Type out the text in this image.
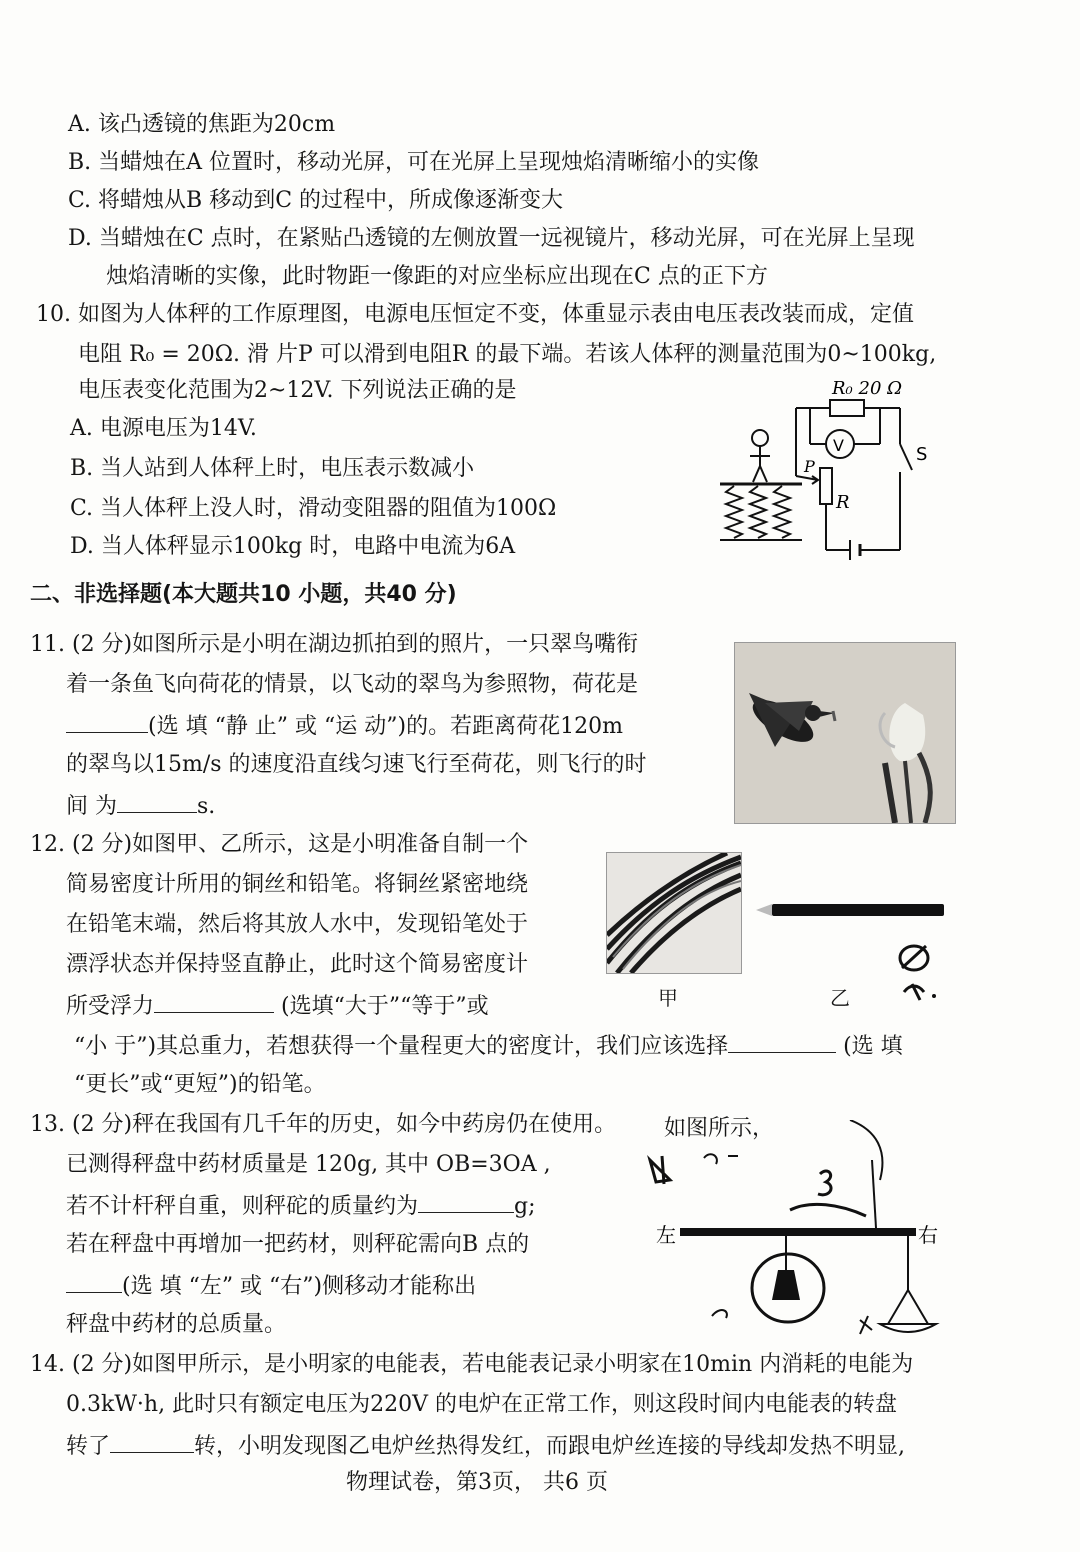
A. 该凸透镜的焦距为20cm
B. 当蜡烛在A 位置时，移动光屏，可在光屏上呈现烛焰清晰缩小的实像
C. 将蜡烛从B 移动到C 的过程中，所成像逐渐变大
D. 当蜡烛在C 点时，在紧贴凸透镜的左侧放置一远视镜片，移动光屏，可在光屏上呈现
烛焰清晰的实像，此时物距一像距的对应坐标应出现在C 点的正下方
10. 如图为人体秤的工作原理图，电源电压恒定不变，体重显示表由电压表改装而成，定值
电阻 R₀ = 20Ω. 滑 片P 可以滑到电阻R 的最下端。若该人体秤的测量范围为0~100kg,
电压表变化范围为2~12V. 下列说法正确的是
A. 电源电压为14V.
B. 当人站到人体秤上时，电压表示数减小
C. 当人体秤上没人时，滑动变阻器的阻值为100Ω
D. 当人体秤显示100kg 时，电路中电流为6A
R₀ 20 Ω
V	S
P
R
二、非选择题(本大题共10 小题，共40 分)
11. (2 分)如图所示是小明在湖边抓拍到的照片，一只翠鸟嘴衔
着一条鱼飞向荷花的情景，以飞动的翠鸟为参照物，荷花是
(选 填 “静 止” 或 “运 动”)的。若距离荷花120m
的翠鸟以15m/s 的速度沿直线匀速飞行至荷花，则飞行的时
间 为	s.
12. (2 分)如图甲、乙所示，这是小明准备自制一个
简易密度计所用的铜丝和铅笔。将铜丝紧密地绕
在铅笔末端，然后将其放人水中，发现铅笔处于
漂浮状态并保持竖直静止，此时这个简易密度计
所受浮力	(选填“大于”“等于”或
“小 于”)其总重力，若想获得一个量程更大的密度计，我们应该选择	(选 填
“更长”或“更短”)的铅笔。
甲	乙
13. (2 分)秤在我国有几千年的历史，如今中药房仍在使用。 如图所示，
已测得秤盘中药材质量是 120g, 其中 OB=3OA ,
若不计杆秤自重，则秤砣的质量约为	g;
若在秤盘中再增加一把药材，则秤砣需向B 点的
(选 填 “左” 或 “右”)侧移动才能称出
秤盘中药材的总质量。
左	右
14. (2 分)如图甲所示，是小明家的电能表，若电能表记录小明家在10min 内消耗的电能为
0.3kW·h, 此时只有额定电压为220V 的电炉在正常工作，则这段时间内电能表的转盘
转了	转，小明发现图乙电炉丝热得发红，而跟电炉丝连接的导线却发热不明显,
物理试卷，第3页， 共6 页
